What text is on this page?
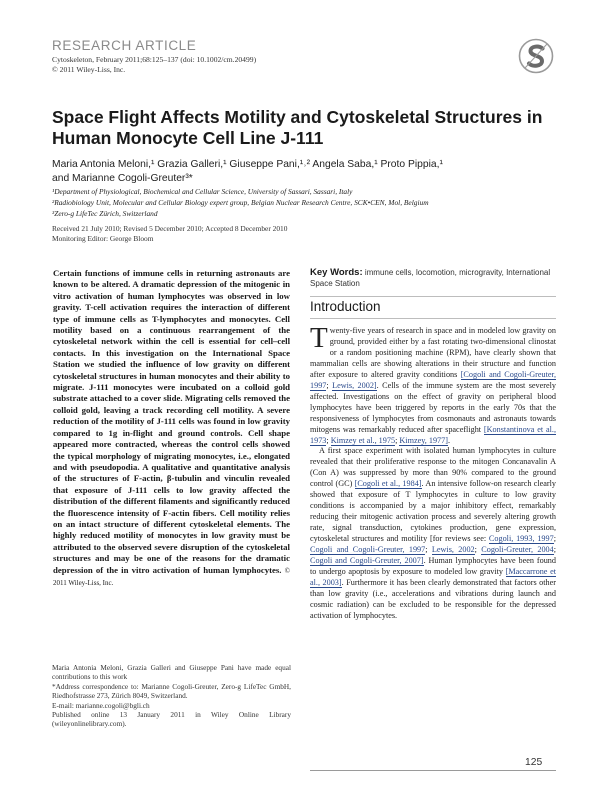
RESEARCH ARTICLE
Cytoskeleton, February 2011;68:125–137 (doi: 10.1002/cm.20499)
© 2011 Wiley-Liss, Inc.
Space Flight Affects Motility and Cytoskeletal Structures in Human Monocyte Cell Line J-111
Maria Antonia Meloni,¹ Grazia Galleri,¹ Giuseppe Pani,¹˒² Angela Saba,¹ Proto Pippia,¹
and Marianne Cogoli-Greuter³*
¹Department of Physiological, Biochemical and Cellular Science, University of Sassari, Sassari, Italy
²Radiobiology Unit, Molecular and Cellular Biology expert group, Belgian Nuclear Research Centre, SCK•CEN, Mol, Belgium
³Zero-g LifeTec Zürich, Switzerland
Received 21 July 2010; Revised 5 December 2010; Accepted 8 December 2010
Monitoring Editor: George Bloom
Certain functions of immune cells in returning astronauts are known to be altered. A dramatic depression of the mitogenic in vitro activation of human lymphocytes was observed in low gravity. T-cell activation requires the interaction of different type of immune cells as T-lymphocytes and monocytes. Cell motility based on a continuous rearrangement of the cytoskeletal network within the cell is essential for cell–cell contacts. In this investigation on the International Space Station we studied the influence of low gravity on different cytoskeletal structures in human monocytes and their ability to migrate. J-111 monocytes were incubated on a colloid gold substrate attached to a cover slide. Migrating cells removed the colloid gold, leaving a track recording cell motility. A severe reduction of the motility of J-111 cells was found in low gravity compared to 1g in-flight and ground controls. Cell shape appeared more contracted, whereas the control cells showed the typical morphology of migrating monocytes, i.e., elongated and with pseudopodia. A qualitative and quantitative analysis of the structures of F-actin, β-tubulin and vinculin revealed that exposure of J-111 cells to low gravity affected the distribution of the different filaments and significantly reduced the fluorescence intensity of F-actin fibers. Cell motility relies on an intact structure of different cytoskeletal elements. The highly reduced motility of monocytes in low gravity must be attributed to the observed severe disruption of the cytoskeletal structures and may be one of the reasons for the dramatic depression of the in vitro activation of human lymphocytes. © 2011 Wiley-Liss, Inc.
Maria Antonia Meloni, Grazia Galleri and Giuseppe Pani have made equal contributions to this work
*Address correspondence to: Marianne Cogoli-Greuter, Zero-g LifeTec GmbH, Riedhofstrasse 273, Zürich 8049, Switzerland.
E-mail: marianne.cogoli@bgli.ch
Published online 13 January 2011 in Wiley Online Library (wileyonlinelibrary.com).
Key Words: immune cells, locomotion, microgravity, International Space Station
Introduction

Twenty-five years of research in space and in modeled low gravity on ground, provided either by a fast rotating two-dimensional clinostat or a random positioning machine (RPM), have clearly shown that mammalian cells are showing alterations in their structure and function after exposure to altered gravity conditions [Cogoli and Cogoli-Greuter, 1997; Lewis, 2002]. Cells of the immune system are the most severely affected. Investigations on the effect of gravity on peripheral blood lymphocytes have been triggered by reports in the early 70s that the responsiveness of lymphocytes from cosmonauts and astronauts towards mitogens was remarkably reduced after spaceflight [Konstantinova et al., 1973; Kimzey et al., 1975; Kimzey, 1977].

A first space experiment with isolated human lymphocytes in culture revealed that their proliferative response to the mitogen Concanavalin A (Con A) was suppressed by more than 90% compared to the ground control (GC) [Cogoli et al., 1984]. An intensive follow-on research clearly showed that exposure of T lymphocytes in culture to low gravity conditions is accompanied by a major inhibitory effect, remarkably reducing their mitogenic activation process and severely altering growth rate, signal transduction, cytokines production, gene expression, cytoskeletal structures and motility [for reviews see: Cogoli, 1993, 1997; Cogoli and Cogoli-Greuter, 1997; Lewis, 2002; Cogoli-Greuter, 2004; Cogoli and Cogoli-Greuter, 2007]. Human lymphocytes have been found to undergo apoptosis by exposure to modeled low gravity [Maccarrone et al., 2003]. Furthermore it has been clearly demonstrated that factors other than low gravity (i.e., accelerations and vibrations during launch and cosmic radiation) can be excluded to be responsible for the depressed activation of lymphocytes.

125
